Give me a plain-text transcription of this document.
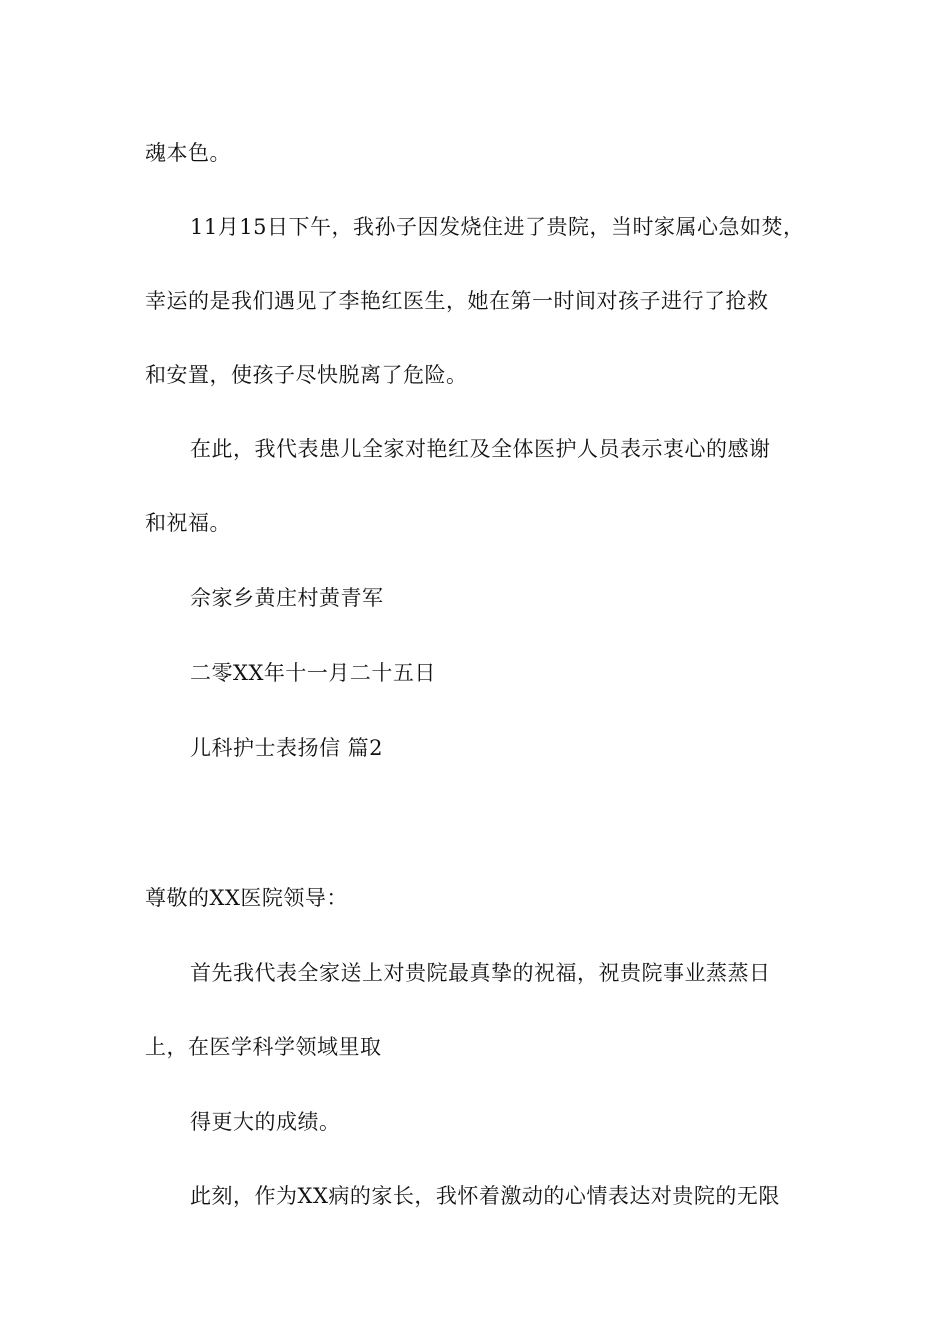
魂本色。
11月15日下午，我孙子因发烧住进了贵院，当时家属心急如焚，
幸运的是我们遇见了李艳红医生，她在第一时间对孩子进行了抢救
和安置，使孩子尽快脱离了危险。
在此，我代表患儿全家对艳红及全体医护人员表示衷心的感谢
和祝福。
佘家乡黄庄村黄青军
二零XX年十一月二十五日
儿科护士表扬信 篇2
尊敬的XX医院领导：
首先我代表全家送上对贵院最真挚的祝福，祝贵院事业蒸蒸日
上，在医学科学领域里取
得更大的成绩。
此刻，作为XX病的家长，我怀着激动的心情表达对贵院的无限
